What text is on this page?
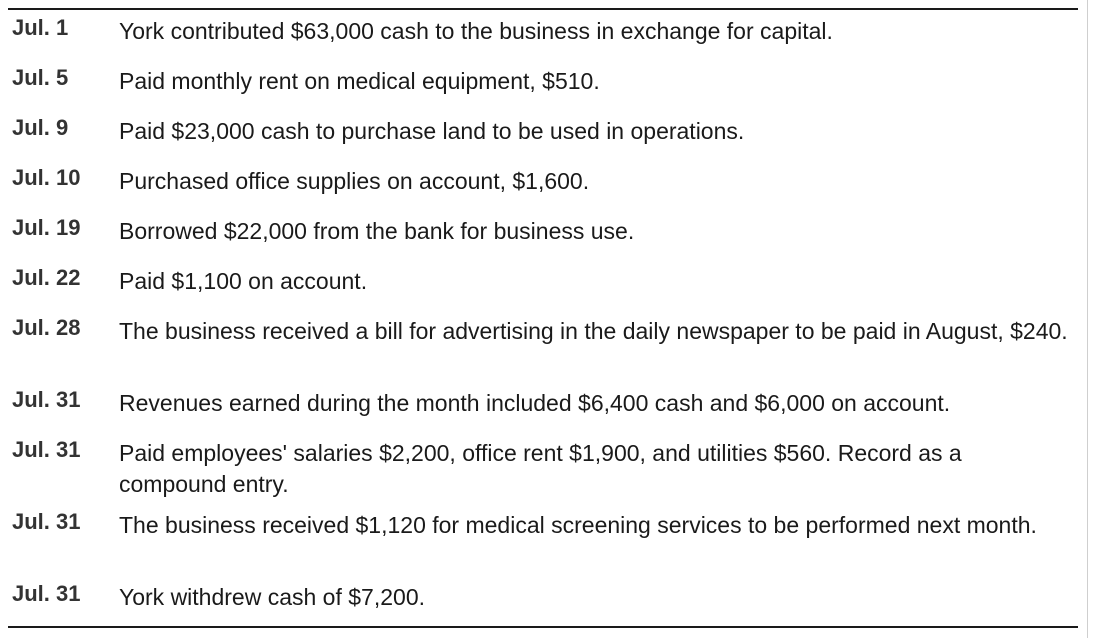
Jul. 1	York contributed $63,000 cash to the business in exchange for capital.
Jul. 5	Paid monthly rent on medical equipment, $510.
Jul. 9	Paid $23,000 cash to purchase land to be used in operations.
Jul. 10	Purchased office supplies on account, $1,600.
Jul. 19	Borrowed $22,000 from the bank for business use.
Jul. 22	Paid $1,100 on account.
Jul. 28	The business received a bill for advertising in the daily newspaper to be paid in August, $240.
Jul. 31	Revenues earned during the month included $6,400 cash and $6,000 on account.
Jul. 31	Paid employees' salaries $2,200, office rent $1,900, and utilities $560. Record as a compound entry.
Jul. 31	The business received $1,120 for medical screening services to be performed next month.
Jul. 31	York withdrew cash of $7,200.
